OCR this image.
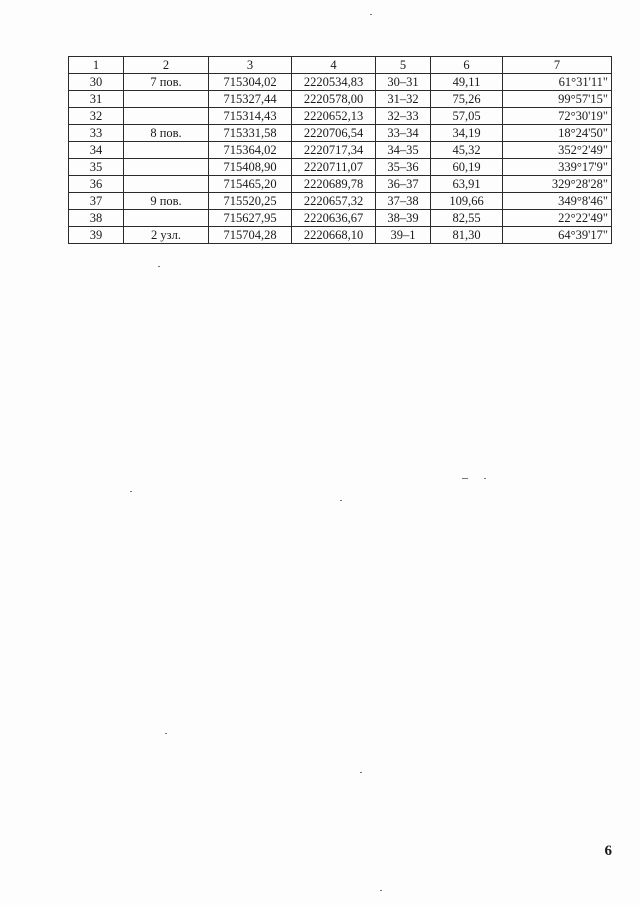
1	2	3	4	5	6	7
30	7 пов.	715304,02	2220534,83	30–31	49,11	61°31'11"
31		715327,44	2220578,00	31–32	75,26	99°57'15"
32		715314,43	2220652,13	32–33	57,05	72°30'19"
33	8 пов.	715331,58	2220706,54	33–34	34,19	18°24'50"
34		715364,02	2220717,34	34–35	45,32	352°2'49"
35		715408,90	2220711,07	35–36	60,19	339°17'9"
36		715465,20	2220689,78	36–37	63,91	329°28'28"
37	9 пов.	715520,25	2220657,32	37–38	109,66	349°8'46"
38		715627,95	2220636,67	38–39	82,55	22°22'49"
39	2 узл.	715704,28	2220668,10	39–1	81,30	64°39'17"
6
